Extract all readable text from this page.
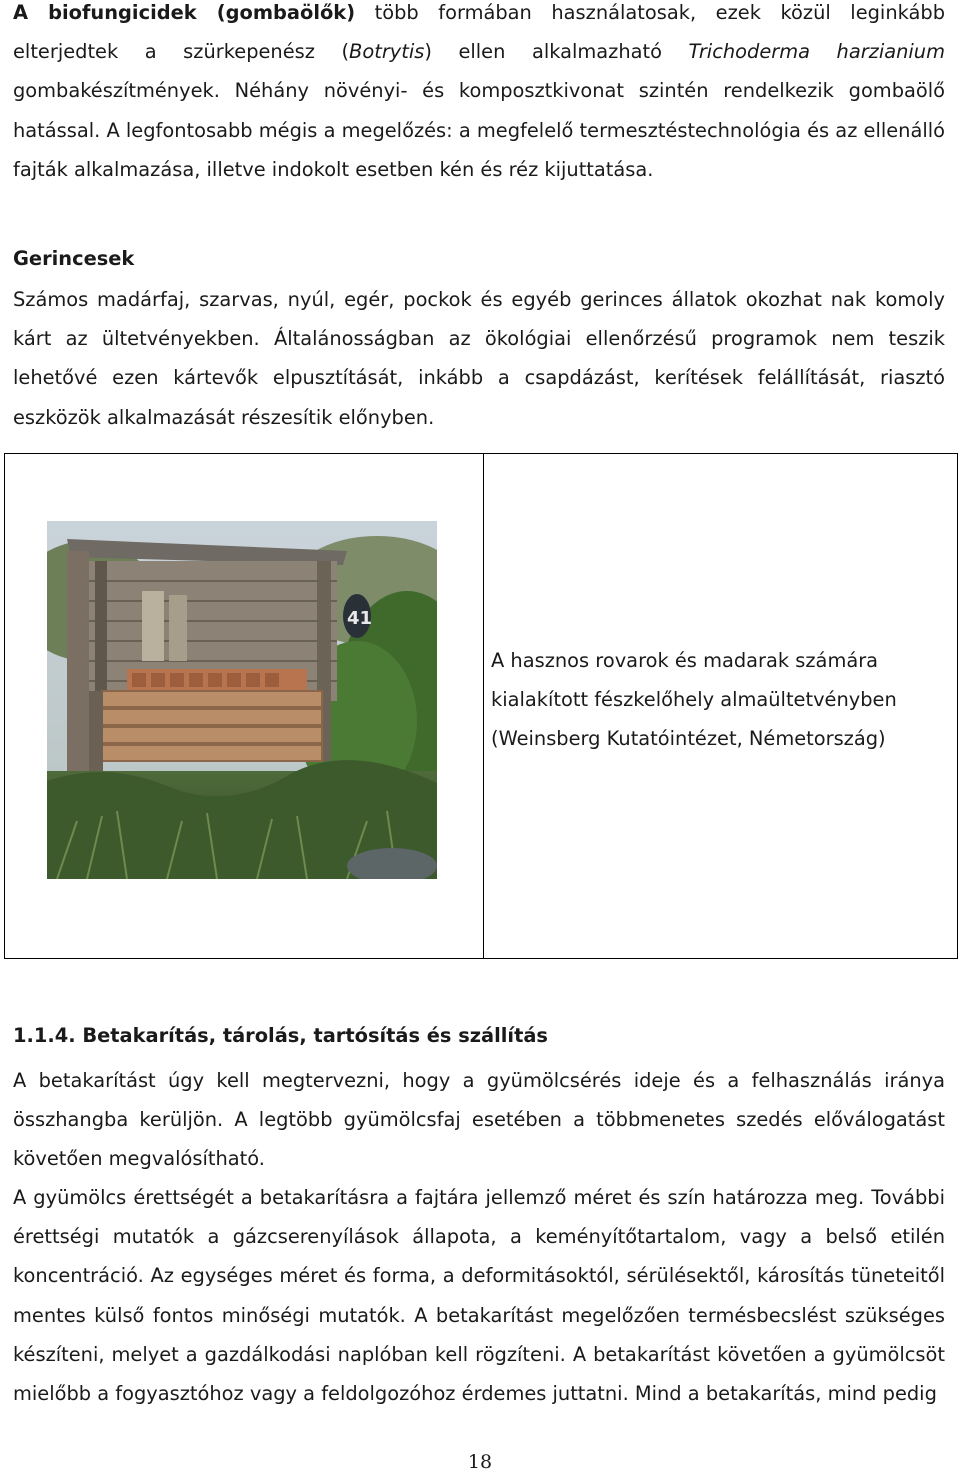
A biofungicidek (gombaölők) több formában használatosak, ezek közül leginkább elterjedtek a szürkepenész (Botrytis) ellen alkalmazható Trichoderma harzianium gombakészítmények. Néhány növényi- és komposztkivonat szintén rendelkezik gombaölő hatással. A legfontosabb mégis a megelőzés: a megfelelő termesztéstechnológia és az ellenálló fajták alkalmazása, illetve indokolt esetben kén és réz kijuttatása.

Gerincesek

Számos madárfaj, szarvas, nyúl, egér, pockok és egyéb gerinces állatok okozhat nak komoly kárt az ültetvényekben. Általánosságban az ökológiai ellenőrzésű programok nem teszik lehetővé ezen kártevők elpusztítását, inkább a csapdázást, kerítések felállítását, riasztó eszközök alkalmazását részesítik előnyben.

41
A hasznos rovarok és madarak számára
kialakított fészkelőhely almaültetvényben
(Weinsberg Kutatóintézet, Németország)
1.1.4. Betakarítás, tárolás, tartósítás és szállítás

A betakarítást úgy kell megtervezni, hogy a gyümölcsérés ideje és a felhasználás iránya összhangba kerüljön. A legtöbb gyümölcsfaj esetében a többmenetes szedés előválogatást követően megvalósítható.

A gyümölcs érettségét a betakarításra a fajtára jellemző méret és szín határozza meg. További érettségi mutatók a gázcserenyílások állapota, a keményítőtartalom, vagy a belső etilén koncentráció. Az egységes méret és forma, a deformitásoktól, sérülésektől, károsítás tüneteitől mentes külső fontos minőségi mutatók. A betakarítást megelőzően termésbecslést szükséges készíteni, melyet a gazdálkodási naplóban kell rögzíteni. A betakarítást követően a gyümölcsöt mielőbb a fogyasztóhoz vagy a feldolgozóhoz érdemes juttatni. Mind a betakarítás, mind pedig

18
